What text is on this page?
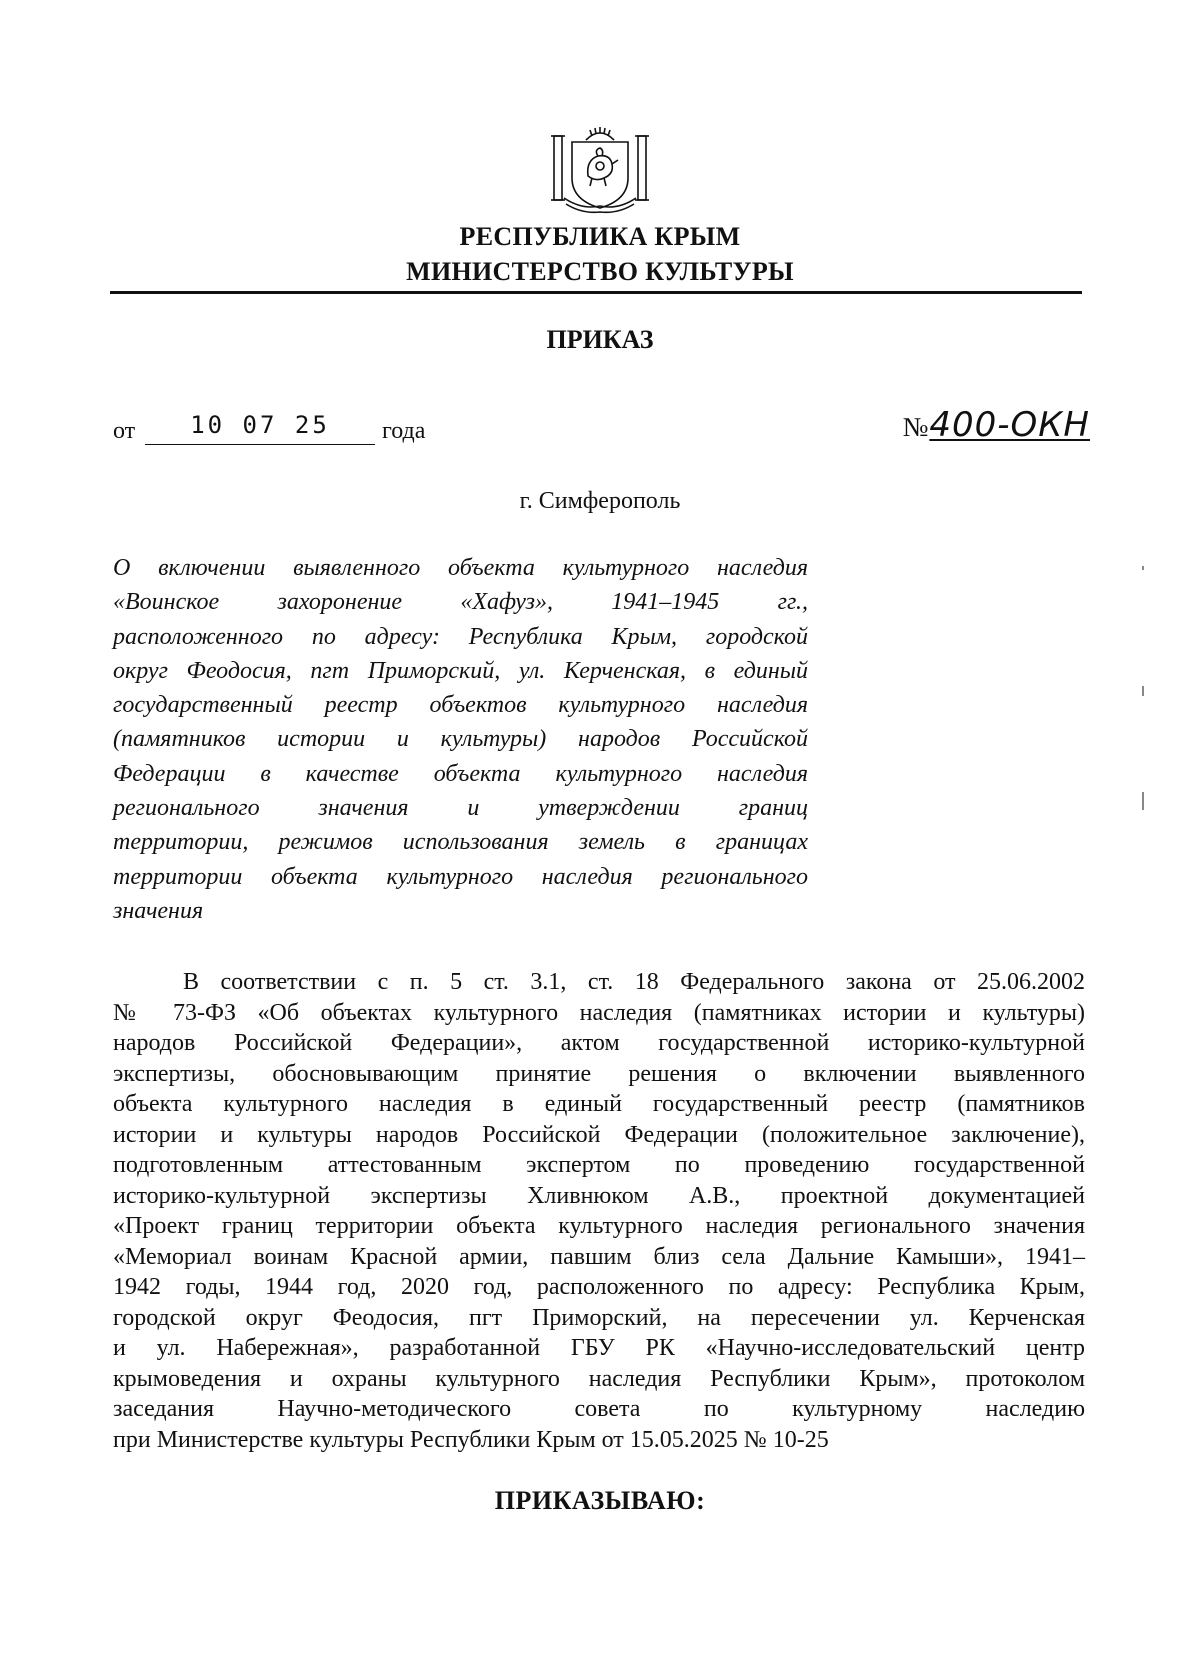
РЕСПУБЛИКА КРЫМ
МИНИСТЕРСТВО КУЛЬТУРЫ
ПРИКАЗ
от	10 07 25	года	№400-ОКН
г. Симферополь

О включении выявленного объекта культурного наследия
«Воинское захоронение «Хафуз», 1941–1945 гг.,
расположенного по адресу: Республика Крым, городской
округ Феодосия, пгт Приморский, ул. Керченская, в единый
государственный реестр объектов культурного наследия
(памятников истории и культуры) народов Российской
Федерации в качестве объекта культурного наследия
регионального значения и утверждении границ
территории, режимов использования земель в границах
территории объекта культурного наследия регионального
значения

В соответствии с п. 5 ст. 3.1, ст. 18 Федерального закона от 25.06.2002
№ 73-ФЗ «Об объектах культурного наследия (памятниках истории и культуры)
народов Российской Федерации», актом государственной историко-культурной
экспертизы, обосновывающим принятие решения о включении выявленного
объекта культурного наследия в единый государственный реестр (памятников
истории и культуры народов Российской Федерации (положительное заключение),
подготовленным аттестованным экспертом по проведению государственной
историко-культурной экспертизы Хливнюком А.В., проектной документацией
«Проект границ территории объекта культурного наследия регионального значения
«Мемориал воинам Красной армии, павшим близ села Дальние Камыши», 1941–
1942 годы, 1944 год, 2020 год, расположенного по адресу: Республика Крым,
городской округ Феодосия, пгт Приморский, на пересечении ул. Керченская
и ул. Набережная», разработанной ГБУ РК «Научно-исследовательский центр
крымоведения и охраны культурного наследия Республики Крым», протоколом
заседания Научно-методического совета по культурному наследию
при Министерстве культуры Республики Крым от 15.05.2025 № 10-25

ПРИКАЗЫВАЮ:
